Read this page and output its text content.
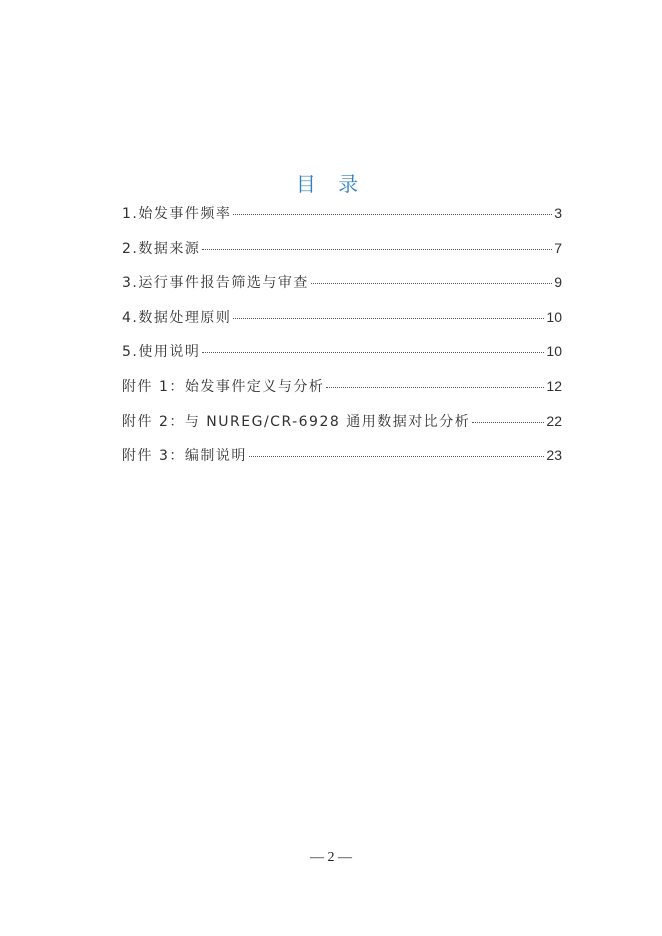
目 录
1.始发事件频率	3
2.数据来源	7
3.运行事件报告筛选与审查	9
4.数据处理原则	10
5.使用说明	10
附件 1：始发事件定义与分析	12
附件 2：与 NUREG/CR-6928 通用数据对比分析	22
附件 3：编制说明	23
— 2 —
